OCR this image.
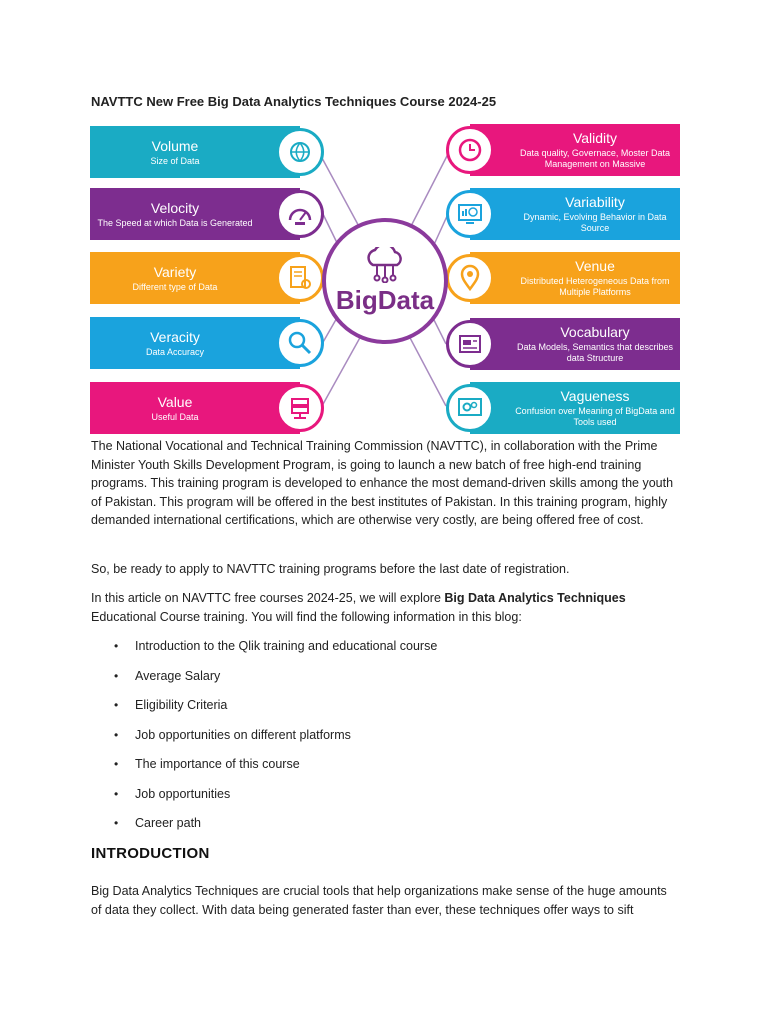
NAVTTC New Free Big Data Analytics Techniques Course 2024-25
Volume
Size of Data
Velocity
The Speed at which Data is Generated
Variety
Different type of Data
Veracity
Data Accuracy
Value
Useful Data
Validity
Data quality, Governace, Moster Data Management on Massive
Variability
Dynamic, Evolving Behavior in Data Source
Venue
Distributed Heterogeneous Data from Multiple Platforms
Vocabulary
Data Models, Semantics that describes data Structure
Vagueness
Confusion over Meaning of BigData and Tools used
BigData

The National Vocational and Technical Training Commission (NAVTTC), in collaboration with the Prime Minister Youth Skills Development Program, is going to launch a new batch of free high-end training programs. This training program is developed to enhance the most demand-driven skills among the youth of Pakistan. This program will be offered in the best institutes of Pakistan. In this training program, highly demanded international certifications, which are otherwise very costly, are being offered free of cost.

So, be ready to apply to NAVTTC training programs before the last date of registration.

In this article on NAVTTC free courses 2024-25, we will explore Big Data Analytics Techniques Educational Course training. You will find the following information in this blog:

• Introduction to the Qlik training and educational course
• Average Salary
• Eligibility Criteria
• Job opportunities on different platforms
• The importance of this course
• Job opportunities
• Career path
INTRODUCTION

Big Data Analytics Techniques are crucial tools that help organizations make sense of the huge amounts of data they collect. With data being generated faster than ever, these techniques offer ways to sift
